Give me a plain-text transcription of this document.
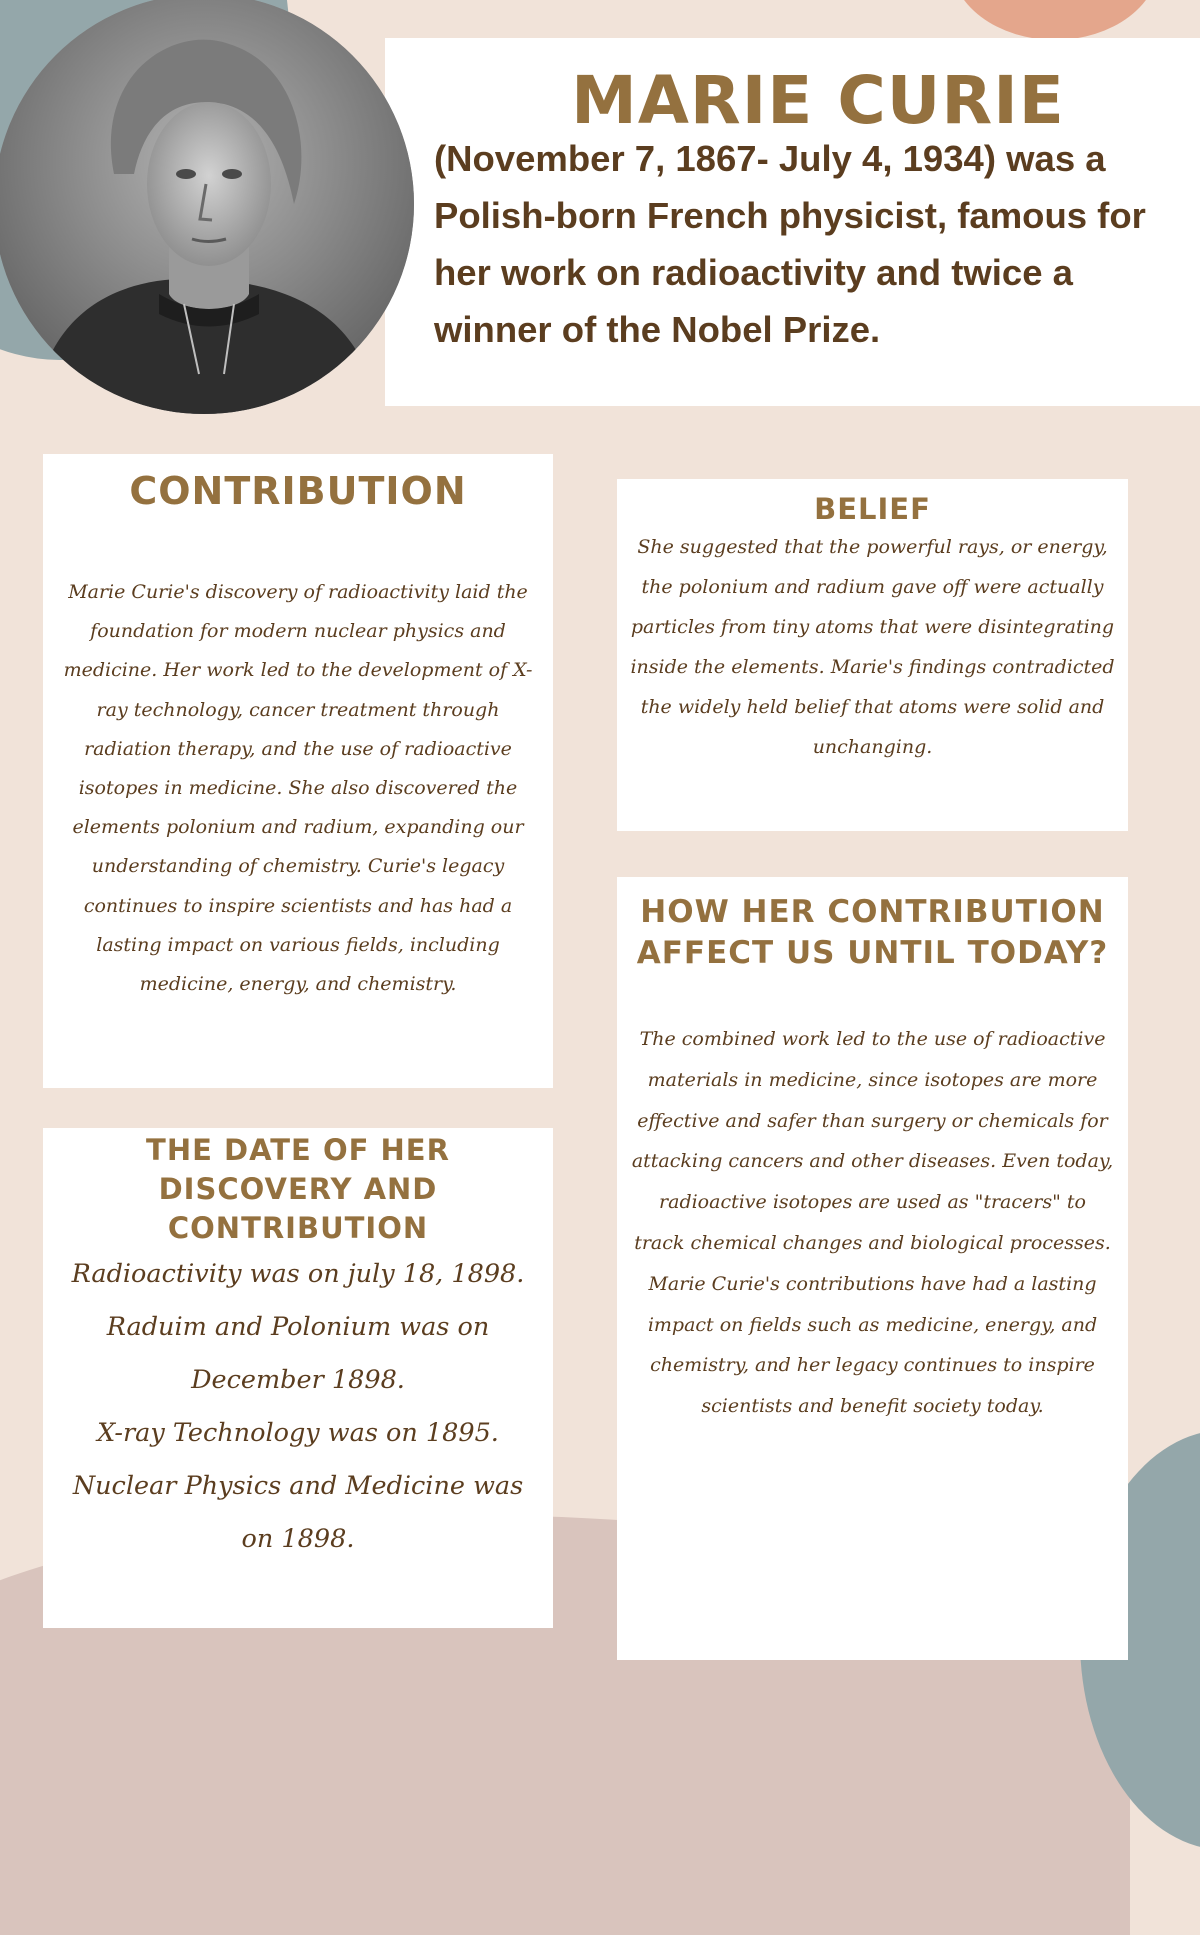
MARIE CURIE

(November 7, 1867- July 4, 1934) was a Polish-born French physicist, famous for her work on radioactivity and twice a winner of the Nobel Prize.

CONTRIBUTION

Marie Curie's discovery of radioactivity laid the foundation for modern nuclear physics and medicine. Her work led to the development of X-ray technology, cancer treatment through radiation therapy, and the use of radioactive isotopes in medicine. She also discovered the elements polonium and radium, expanding our understanding of chemistry. Curie's legacy continues to inspire scientists and has had a lasting impact on various fields, including medicine, energy, and chemistry.

BELIEF

She suggested that the powerful rays, or energy, the polonium and radium gave off were actually particles from tiny atoms that were disintegrating inside the elements. Marie's findings contradicted the widely held belief that atoms were solid and unchanging.

THE DATE OF HER DISCOVERY AND CONTRIBUTION

Radioactivity was on july 18, 1898.

Raduim and Polonium was on December 1898.

X-ray Technology was on 1895.

Nuclear Physics and Medicine was on 1898.

HOW HER CONTRIBUTION AFFECT US UNTIL TODAY?

The combined work led to the use of radioactive materials in medicine, since isotopes are more effective and safer than surgery or chemicals for attacking cancers and other diseases. Even today, radioactive isotopes are used as "tracers" to track chemical changes and biological processes. Marie Curie's contributions have had a lasting impact on fields such as medicine, energy, and chemistry, and her legacy continues to inspire scientists and benefit society today.
